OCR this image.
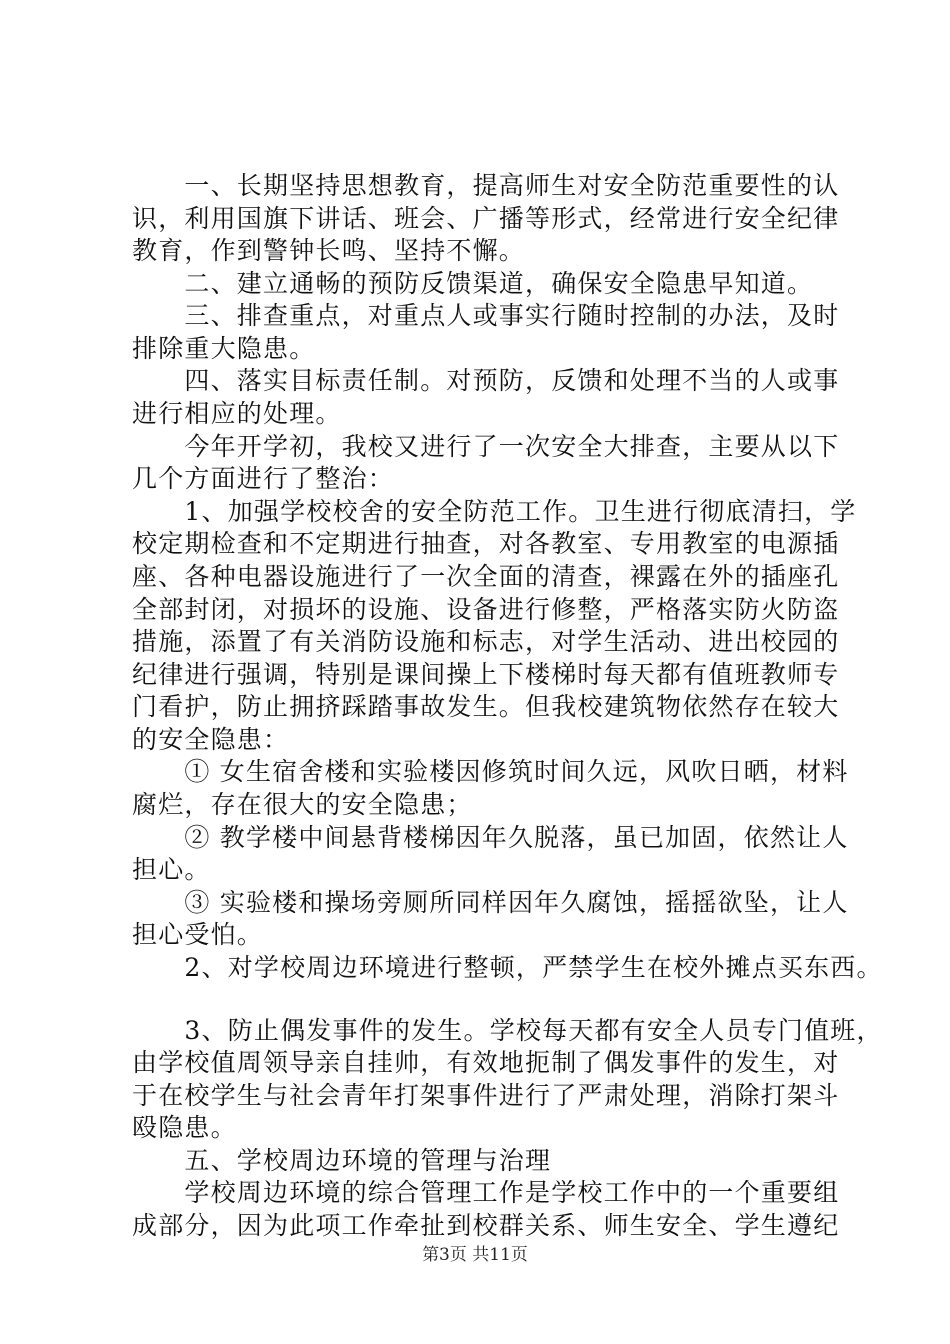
　　一、长期坚持思想教育，提高师生对安全防范重要性的认
识，利用国旗下讲话、班会、广播等形式，经常进行安全纪律
教育，作到警钟长鸣、坚持不懈。
　　二、建立通畅的预防反馈渠道，确保安全隐患早知道。
　　三、排查重点，对重点人或事实行随时控制的办法，及时
排除重大隐患。
　　四、落实目标责任制。对预防，反馈和处理不当的人或事
进行相应的处理。
　　今年开学初，我校又进行了一次安全大排查，主要从以下
几个方面进行了整治：
　　1、加强学校校舍的安全防范工作。卫生进行彻底清扫，学
校定期检查和不定期进行抽查，对各教室、专用教室的电源插
座、各种电器设施进行了一次全面的清查，裸露在外的插座孔
全部封闭，对损坏的设施、设备进行修整，严格落实防火防盗
措施，添置了有关消防设施和标志，对学生活动、进出校园的
纪律进行强调，特别是课间操上下楼梯时每天都有值班教师专
门看护，防止拥挤踩踏事故发生。但我校建筑物依然存在较大
的安全隐患：
　　① 女生宿舍楼和实验楼因修筑时间久远，风吹日晒，材料
腐烂，存在很大的安全隐患；
　　② 教学楼中间悬背楼梯因年久脱落，虽已加固，依然让人
担心。
　　③ 实验楼和操场旁厕所同样因年久腐蚀，摇摇欲坠，让人
担心受怕。
　　2、对学校周边环境进行整顿，严禁学生在校外摊点买东西。
　　3、防止偶发事件的发生。学校每天都有安全人员专门值班，
由学校值周领导亲自挂帅，有效地扼制了偶发事件的发生，对
于在校学生与社会青年打架事件进行了严肃处理，消除打架斗
殴隐患。
　　五、学校周边环境的管理与治理
　　学校周边环境的综合管理工作是学校工作中的一个重要组
成部分，因为此项工作牵扯到校群关系、师生安全、学生遵纪
第3页 共11页
